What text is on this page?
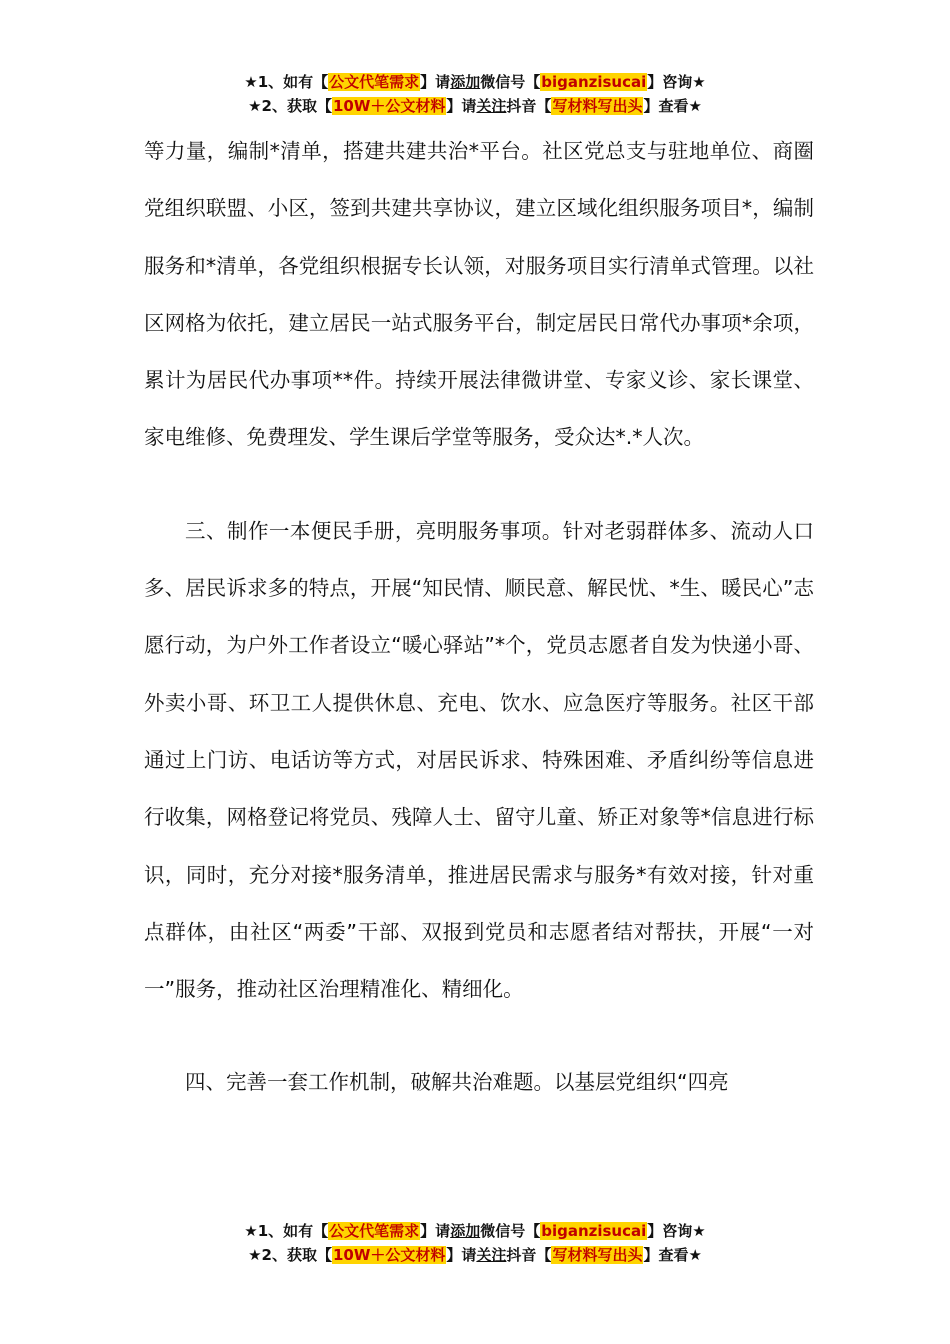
★1、如有【公文代笔需求】请添加微信号【biganzisucai】咨询★
★2、获取【10W＋公文材料】请关注抖音【写材料写出头】查看★

等力量，编制*清单，搭建共建共治*平台。社区党总支与驻地单位、商圈党组织联盟、小区，签到共建共享协议，建立区域化组织服务项目*，编制服务和*清单，各党组织根据专长认领，对服务项目实行清单式管理。以社区网格为依托，建立居民一站式服务平台，制定居民日常代办事项*余项，累计为居民代办事项**件。持续开展法律微讲堂、专家义诊、家长课堂、家电维修、免费理发、学生课后学堂等服务，受众达*.*人次。

三、制作一本便民手册，亮明服务事项。针对老弱群体多、流动人口多、居民诉求多的特点，开展“知民情、顺民意、解民忧、*生、暖民心”志愿行动，为户外工作者设立“暖心驿站”*个，党员志愿者自发为快递小哥、外卖小哥、环卫工人提供休息、充电、饮水、应急医疗等服务。社区干部通过上门访、电话访等方式，对居民诉求、特殊困难、矛盾纠纷等信息进行收集，网格登记将党员、残障人士、留守儿童、矫正对象等*信息进行标识，同时，充分对接*服务清单，推进居民需求与服务*有效对接，针对重点群体，由社区“两委”干部、双报到党员和志愿者结对帮扶，开展“一对一”服务，推动社区治理精准化、精细化。

四、完善一套工作机制，破解共治难题。以基层党组织“四亮

★1、如有【公文代笔需求】请添加微信号【biganzisucai】咨询★
★2、获取【10W＋公文材料】请关注抖音【写材料写出头】查看★
